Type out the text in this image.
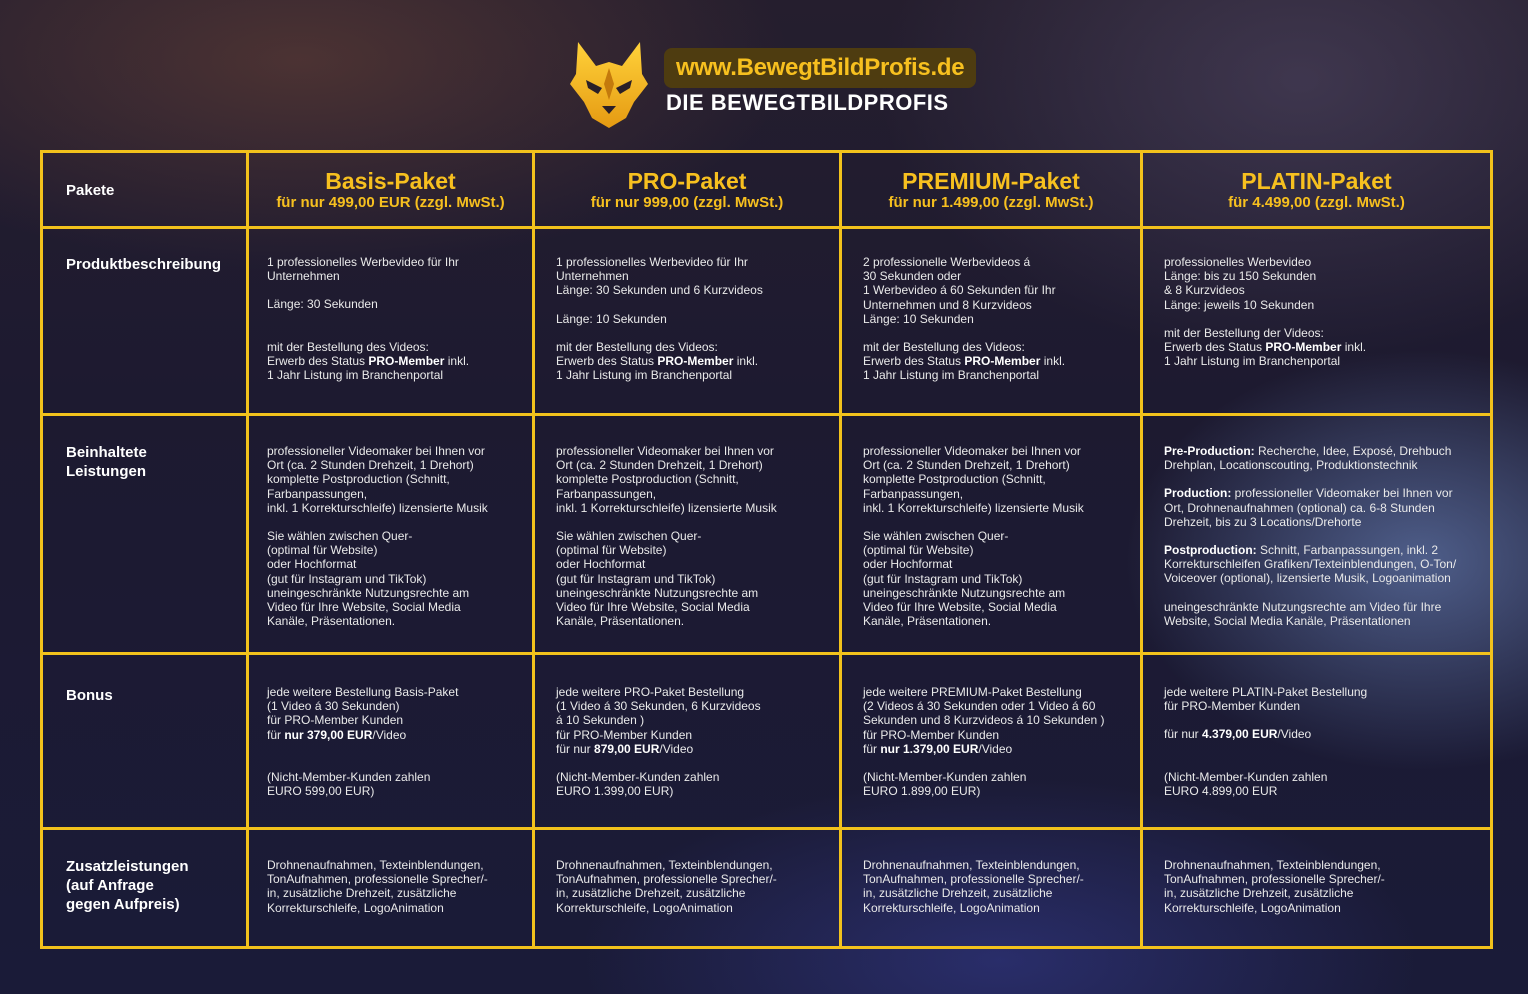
www.BewegtBildProfis.de
DIE BEWEGTBILDPROFIS
Pakete
Produktbeschreibung
Beinhaltete
Leistungen
Bonus
Zusatzleistungen
(auf Anfrage
gegen Aufpreis)
Basis-Paket
für nur 499,00 EUR (zzgl. MwSt.)
PRO-Paket
für nur 999,00 (zzgl. MwSt.)
PREMIUM-Paket
für nur 1.499,00 (zzgl. MwSt.)
PLATIN-Paket
für 4.499,00 (zzgl. MwSt.)
1 professionelles Werbevideo für Ihr
Unternehmen
Länge: 30 Sekunden
mit der Bestellung des Videos:
Erwerb des Status PRO-Member inkl.
1 Jahr Listung im Branchenportal
1 professionelles Werbevideo für Ihr
Unternehmen
Länge: 30 Sekunden und 6 Kurzvideos
Länge: 10 Sekunden
mit der Bestellung des Videos:
Erwerb des Status PRO-Member inkl.
1 Jahr Listung im Branchenportal
2 professionelle Werbevideos á
30 Sekunden oder
1 Werbevideo á 60 Sekunden für Ihr
Unternehmen und 8 Kurzvideos
Länge: 10 Sekunden
mit der Bestellung des Videos:
Erwerb des Status PRO-Member inkl.
1 Jahr Listung im Branchenportal
professionelles Werbevideo
Länge: bis zu 150 Sekunden
& 8 Kurzvideos
Länge: jeweils 10 Sekunden
mit der Bestellung der Videos:
Erwerb des Status PRO-Member inkl.
1 Jahr Listung im Branchenportal
professioneller Videomaker bei Ihnen vor
Ort (ca. 2 Stunden Drehzeit, 1 Drehort)
komplette Postproduction (Schnitt,
Farbanpassungen,
inkl. 1 Korrekturschleife) lizensierte Musik
Sie wählen zwischen Quer-
(optimal für Website)
oder Hochformat
(gut für Instagram und TikTok)
uneingeschränkte Nutzungsrechte am
Video für Ihre Website, Social Media
Kanäle, Präsentationen.
professioneller Videomaker bei Ihnen vor
Ort (ca. 2 Stunden Drehzeit, 1 Drehort)
komplette Postproduction (Schnitt,
Farbanpassungen,
inkl. 1 Korrekturschleife) lizensierte Musik
Sie wählen zwischen Quer-
(optimal für Website)
oder Hochformat
(gut für Instagram und TikTok)
uneingeschränkte Nutzungsrechte am
Video für Ihre Website, Social Media
Kanäle, Präsentationen.
professioneller Videomaker bei Ihnen vor
Ort (ca. 2 Stunden Drehzeit, 1 Drehort)
komplette Postproduction (Schnitt,
Farbanpassungen,
inkl. 1 Korrekturschleife) lizensierte Musik
Sie wählen zwischen Quer-
(optimal für Website)
oder Hochformat
(gut für Instagram und TikTok)
uneingeschränkte Nutzungsrechte am
Video für Ihre Website, Social Media
Kanäle, Präsentationen.
Pre-Production: Recherche, Idee, Exposé, Drehbuch
Drehplan, Locationscouting, Produktionstechnik
Production: professioneller Videomaker bei Ihnen vor
Ort, Drohnenaufnahmen (optional) ca. 6-8 Stunden
Drehzeit, bis zu 3 Locations/Drehorte
Postproduction: Schnitt, Farbanpassungen, inkl. 2
Korrekturschleifen Grafiken/Texteinblendungen, O-Ton/
Voiceover (optional), lizensierte Musik, Logoanimation
uneingeschränkte Nutzungsrechte am Video für Ihre
Website, Social Media Kanäle, Präsentationen
jede weitere Bestellung Basis-Paket
(1 Video á 30 Sekunden)
für PRO-Member Kunden
für nur 379,00 EUR/Video
(Nicht-Member-Kunden zahlen
EURO 599,00 EUR)
jede weitere PRO-Paket Bestellung
(1 Video á 30 Sekunden, 6 Kurzvideos
á 10 Sekunden )
für PRO-Member Kunden
für nur 879,00 EUR/Video
(Nicht-Member-Kunden zahlen
EURO 1.399,00 EUR)
jede weitere PREMIUM-Paket Bestellung
(2 Videos á 30 Sekunden oder 1 Video á 60
Sekunden und 8 Kurzvideos á 10 Sekunden )
für PRO-Member Kunden
für nur 1.379,00 EUR/Video
(Nicht-Member-Kunden zahlen
EURO 1.899,00 EUR)
jede weitere PLATIN-Paket Bestellung
für PRO-Member Kunden
für nur 4.379,00 EUR/Video
(Nicht-Member-Kunden zahlen
EURO 4.899,00 EUR
Drohnenaufnahmen, Texteinblendungen,
TonAufnahmen, professionelle Sprecher/-
in, zusätzliche Drehzeit, zusätzliche
Korrekturschleife, LogoAnimation
Drohnenaufnahmen, Texteinblendungen,
TonAufnahmen, professionelle Sprecher/-
in, zusätzliche Drehzeit, zusätzliche
Korrekturschleife, LogoAnimation
Drohnenaufnahmen, Texteinblendungen,
TonAufnahmen, professionelle Sprecher/-
in, zusätzliche Drehzeit, zusätzliche
Korrekturschleife, LogoAnimation
Drohnenaufnahmen, Texteinblendungen,
TonAufnahmen, professionelle Sprecher/-
in, zusätzliche Drehzeit, zusätzliche
Korrekturschleife, LogoAnimation
